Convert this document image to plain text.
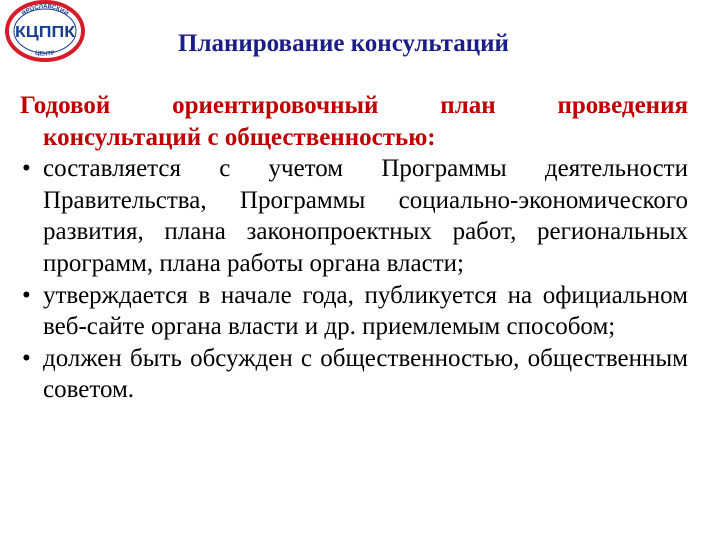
ЯРОСЛАВСКИЙ
ЦЕНТР
КЦППК	Планирование консультаций
Годовой ориентировочный план проведения
консультаций с общественностью:
• составляется с учетом Программы деятельности Правительства, Программы социально-экономического развития, плана законопроектных работ, региональных программ, плана работы органа власти;
• утверждается в начале года, публикуется на официальном веб-сайте органа власти и др. приемлемым способом;
• должен быть обсужден с общественностью, общественным советом.
